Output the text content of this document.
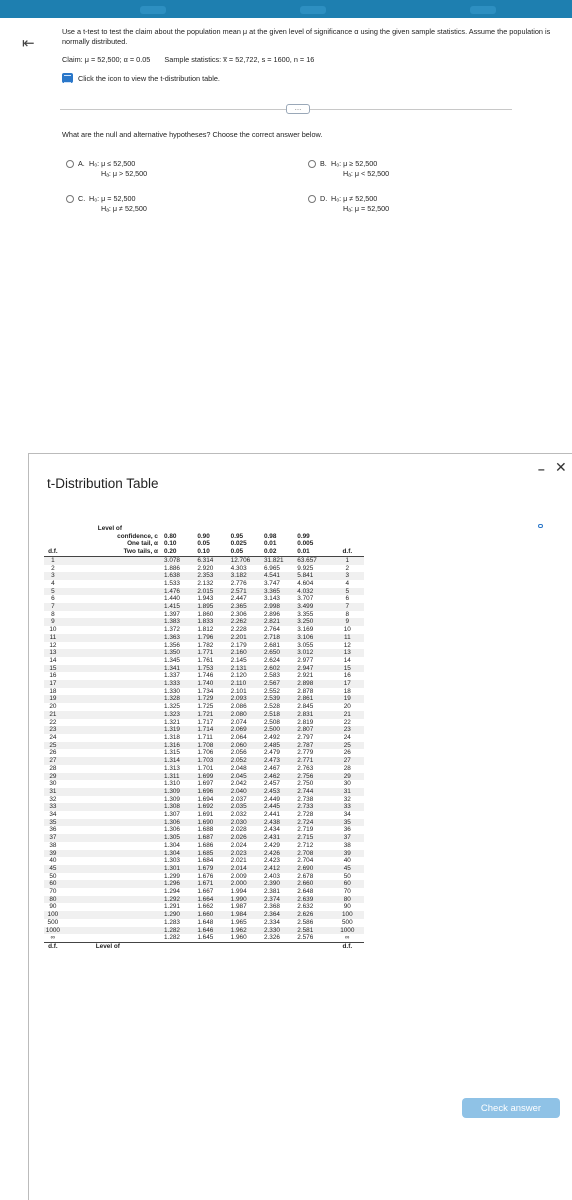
⇤
Use a t-test to test the claim about the population mean μ at the given level of significance α using the given sample statistics. Assume the population is normally distributed.
Claim: μ = 52,500; α = 0.05 Sample statistics: x̅ = 52,722, s = 1600, n = 16
Click the icon to view the t-distribution table.
…
What are the null and alternative hypotheses? Choose the correct answer below.
A. H₀: μ ≤ 52,500
Hₐ: μ > 52,500
B. H₀: μ ≥ 52,500
Hₐ: μ < 52,500
C. H₀: μ = 52,500
Hₐ: μ ≠ 52,500
D. H₀: μ ≠ 52,500
Hₐ: μ = 52,500
t-Distribution Table
– ✕
	Level of						
	confidence, c	0.80	0.90	0.95	0.98	0.99	
	One tail, α	0.10	0.05	0.025	0.01	0.005	
d.f.	Two tails, α	0.20	0.10	0.05	0.02	0.01	d.f.
1		3.078	6.314	12.706	31.821	63.657	1
2		1.886	2.920	4.303	6.965	9.925	2
3		1.638	2.353	3.182	4.541	5.841	3
4		1.533	2.132	2.776	3.747	4.604	4
5		1.476	2.015	2.571	3.365	4.032	5
6		1.440	1.943	2.447	3.143	3.707	6
7		1.415	1.895	2.365	2.998	3.499	7
8		1.397	1.860	2.306	2.896	3.355	8
9		1.383	1.833	2.262	2.821	3.250	9
10		1.372	1.812	2.228	2.764	3.169	10
11		1.363	1.796	2.201	2.718	3.106	11
12		1.356	1.782	2.179	2.681	3.055	12
13		1.350	1.771	2.160	2.650	3.012	13
14		1.345	1.761	2.145	2.624	2.977	14
15		1.341	1.753	2.131	2.602	2.947	15
16		1.337	1.746	2.120	2.583	2.921	16
17		1.333	1.740	2.110	2.567	2.898	17
18		1.330	1.734	2.101	2.552	2.878	18
19		1.328	1.729	2.093	2.539	2.861	19
20		1.325	1.725	2.086	2.528	2.845	20
21		1.323	1.721	2.080	2.518	2.831	21
22		1.321	1.717	2.074	2.508	2.819	22
23		1.319	1.714	2.069	2.500	2.807	23
24		1.318	1.711	2.064	2.492	2.797	24
25		1.316	1.708	2.060	2.485	2.787	25
26		1.315	1.706	2.056	2.479	2.779	26
27		1.314	1.703	2.052	2.473	2.771	27
28		1.313	1.701	2.048	2.467	2.763	28
29		1.311	1.699	2.045	2.462	2.756	29
30		1.310	1.697	2.042	2.457	2.750	30
31		1.309	1.696	2.040	2.453	2.744	31
32		1.309	1.694	2.037	2.449	2.738	32
33		1.308	1.692	2.035	2.445	2.733	33
34		1.307	1.691	2.032	2.441	2.728	34
35		1.306	1.690	2.030	2.438	2.724	35
36		1.306	1.688	2.028	2.434	2.719	36
37		1.305	1.687	2.026	2.431	2.715	37
38		1.304	1.686	2.024	2.429	2.712	38
39		1.304	1.685	2.023	2.426	2.708	39
40		1.303	1.684	2.021	2.423	2.704	40
45		1.301	1.679	2.014	2.412	2.690	45
50		1.299	1.676	2.009	2.403	2.678	50
60		1.296	1.671	2.000	2.390	2.660	60
70		1.294	1.667	1.994	2.381	2.648	70
80		1.292	1.664	1.990	2.374	2.639	80
90		1.291	1.662	1.987	2.368	2.632	90
100		1.290	1.660	1.984	2.364	2.626	100
500		1.283	1.648	1.965	2.334	2.586	500
1000		1.282	1.646	1.962	2.330	2.581	1000
∞		1.282	1.645	1.960	2.326	2.576	∞
d.f.	Level of						d.f.
Check answer
